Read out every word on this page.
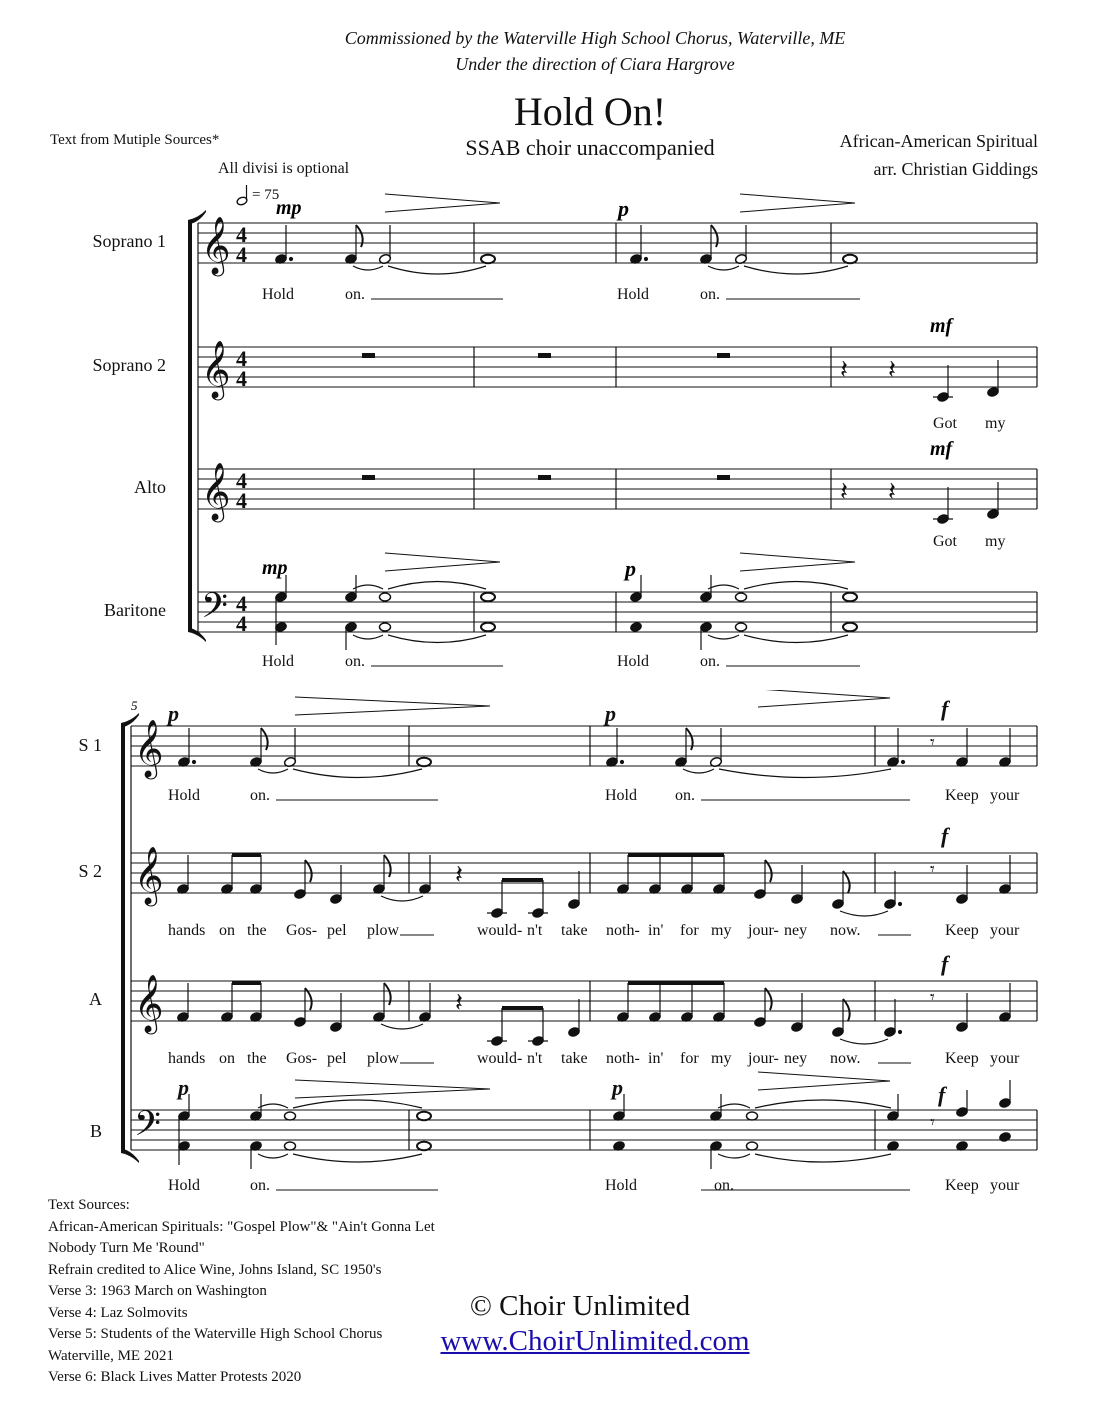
Commissioned by the Waterville High School Chorus, Waterville, ME
Under the direction of Ciara Hargrove
Hold On!
SSAB choir unaccompanied
Text from Mutiple Sources*	African-American Spiritual
arr. Christian Giddings
All divisi is optional
= 75
𝄞
𝄞
𝄞
𝄢
4
4
4
4
4
4
4
4
mp	p
Hold	on.	Hold	on.
𝄽 𝄽
𝄽 𝄽
mf
mf
Got my
Got my
mp	p
Hold	on.	Hold	on.
Soprano 1
Soprano 2
Alto
Baritone
5
𝄞
𝄞
𝄞
𝄢
𝄾
p	p	f
f
f
p	p	f
Hold	on.	Hold on.	Keep your
𝄽	𝄾
𝄽	𝄾
hands on the Gos- pel plow	would- n't take noth- in' for my jour- ney now.	Keep your
hands on the Gos- pel plow	would- n't take noth- in' for my jour- ney now.	Keep your
𝄾
Hold	on.	Hold	on.	Keep your
S 1
S 2
A
B
Text Sources:
African-American Spirituals: "Gospel Plow"& "Ain't Gonna Let Nobody Turn Me 'Round"
Refrain credited to Alice Wine, Johns Island, SC 1950's
Verse 3: 1963 March on Washington
Verse 4: Laz Solmovits
Verse 5: Students of the Waterville High School Chorus
Waterville, ME 2021
Verse 6: Black Lives Matter Protests 2020
© Choir Unlimited
www.ChoirUnlimited.com
